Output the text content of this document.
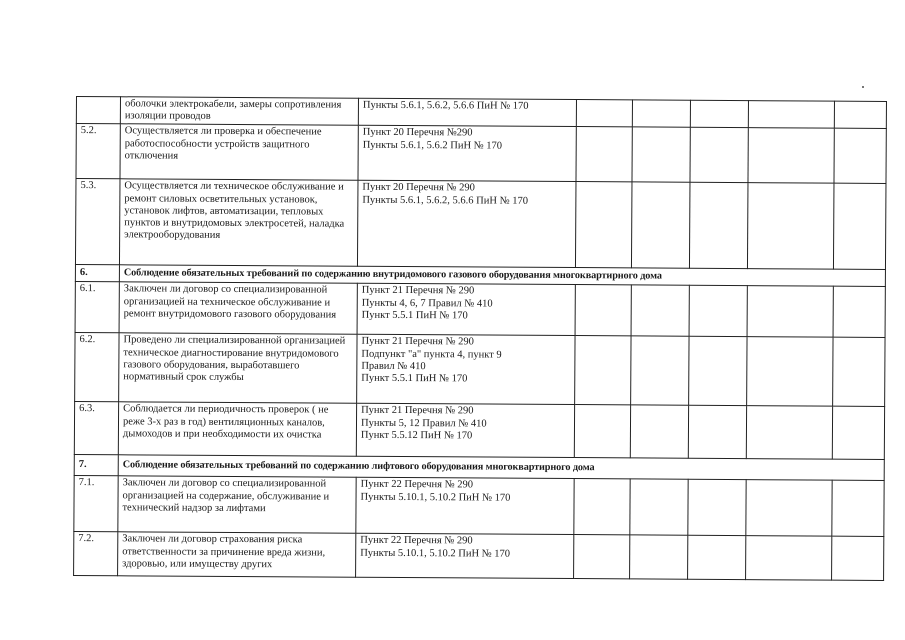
	оболочки электрокабели, замеры сопротивления изоляции проводов	Пункты 5.6.1, 5.6.2, 5.6.6 ПиН № 170					

5.2.	Осуществляется ли проверка и обеспечение работоспособности устройств защитного отключения	Пункт 20 Перечня №290
Пункты 5.6.1, 5.6.2 ПиН № 170					

5.3.	Осуществляется ли техническое обслуживание и ремонт силовых осветительных установок, установок лифтов, автоматизации, тепловых пунктов и внутридомовых электросетей, наладка электрооборудования	Пункт 20 Перечня № 290
Пункты 5.6.1, 5.6.2, 5.6.6 ПиН № 170					

6.	Соблюдение обязательных требований по содержанию внутридомового газового оборудования многоквартирного дома						
6.1.	Заключен ли договор со специализированной организацией на техническое обслуживание и ремонт внутридомового газового оборудования	Пункт 21 Перечня № 290
Пункты 4, 6, 7 Правил № 410
Пункт 5.5.1 ПиН № 170					

6.2.	Проведено ли специализированной организацией техническое диагностирование внутридомового газового оборудования, выработавшего нормативный срок службы	Пункт 21 Перечня № 290
Подпункт "а" пункта 4, пункт 9
Правил № 410
Пункт 5.5.1 ПиН № 170					

6.3.	Соблюдается ли периодичность проверок ( не реже 3-х раз в год) вентиляционных каналов, дымоходов и при необходимости их очистка	Пункт 21 Перечня № 290
Пункты 5, 12 Правил № 410
Пункт 5.5.12 ПиН № 170					

7.	Соблюдение обязательных требований по содержанию лифтового оборудования многоквартирного дома						
7.1.	Заключен ли договор со специализированной организацией на содержание, обслуживание и технический надзор за лифтами	Пункт 22 Перечня № 290
Пункты 5.10.1, 5.10.2 ПиН № 170					

7.2.	Заключен ли договор страхования риска ответственности за причинение вреда жизни, здоровью, или имуществу других	Пункт 22 Перечня № 290
Пункты 5.10.1, 5.10.2 ПиН № 170					
